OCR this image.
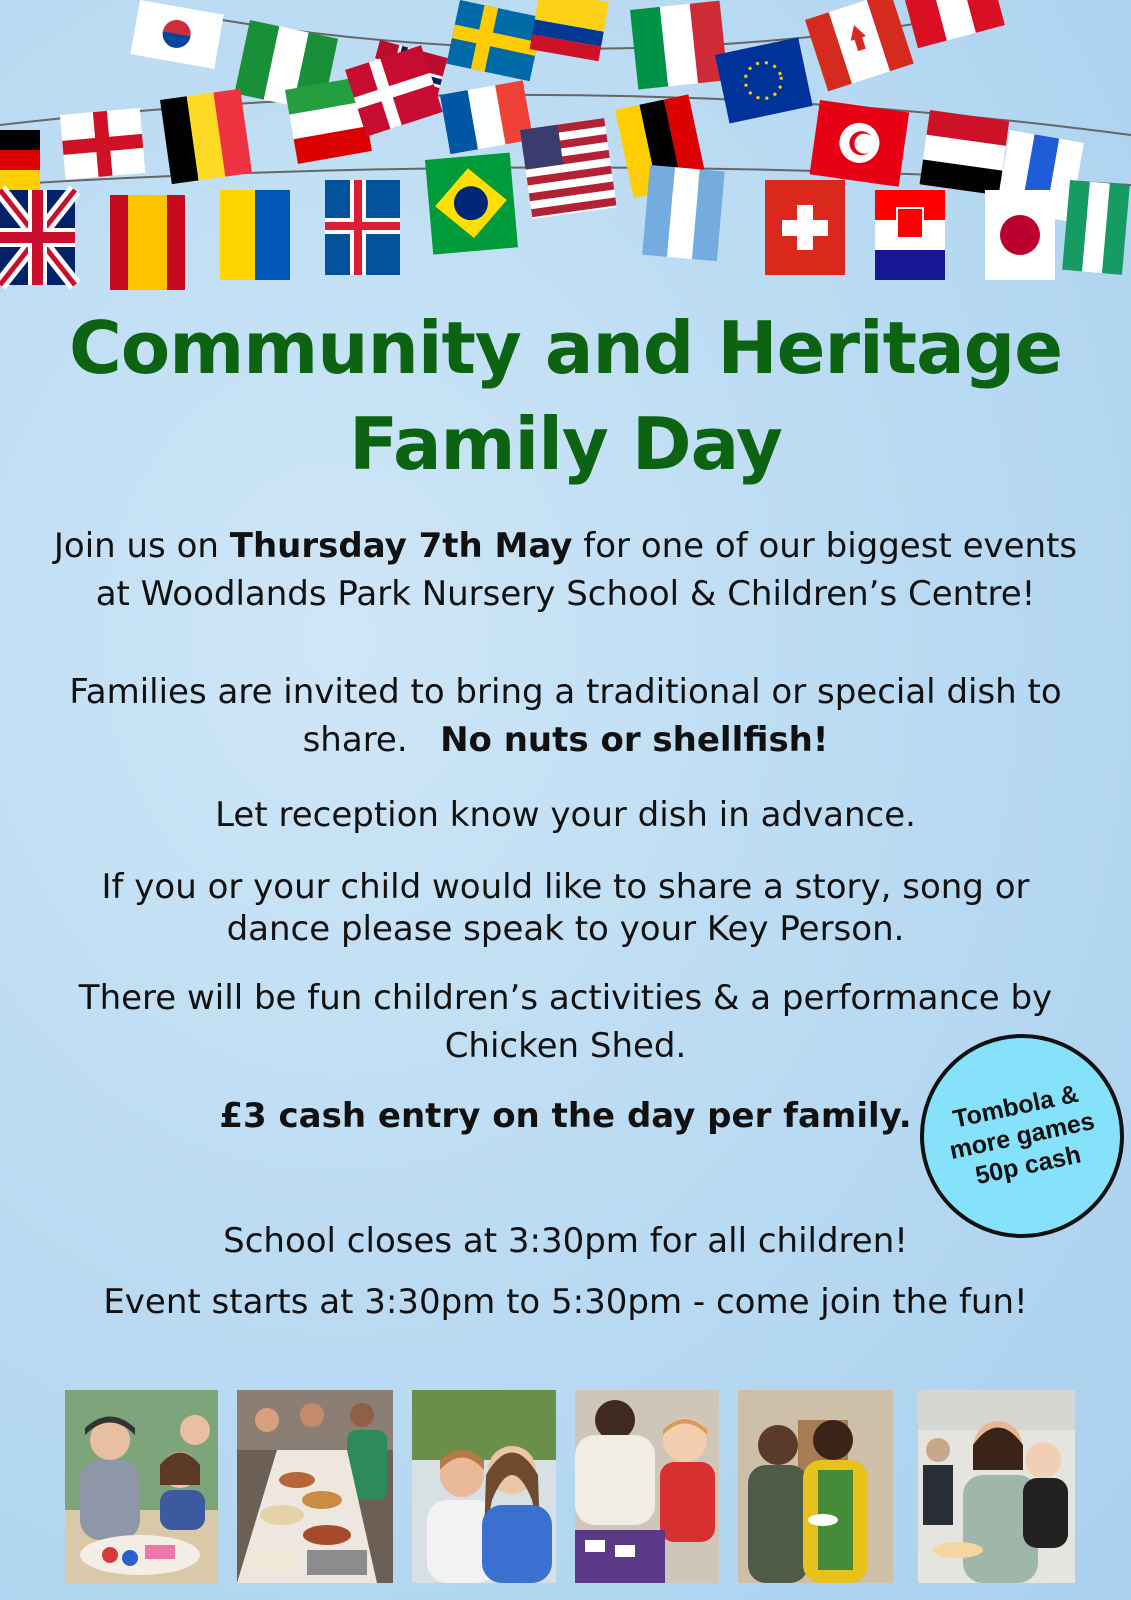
Community and Heritage
Family Day
Join us on Thursday 7th May for one of our biggest events
at Woodlands Park Nursery School & Children’s Centre!
Families are invited to bring a traditional or special dish to
share.   No nuts or shellfish!
Let reception know your dish in advance.
If you or your child would like to share a story, song or
dance please speak to your Key Person.
There will be fun children’s activities & a performance by
Chicken Shed.
£3 cash entry on the day per family.	Tombola & more games 50p cash
School closes at 3:30pm for all children!
Event starts at 3:30pm to 5:30pm - come join the fun!
